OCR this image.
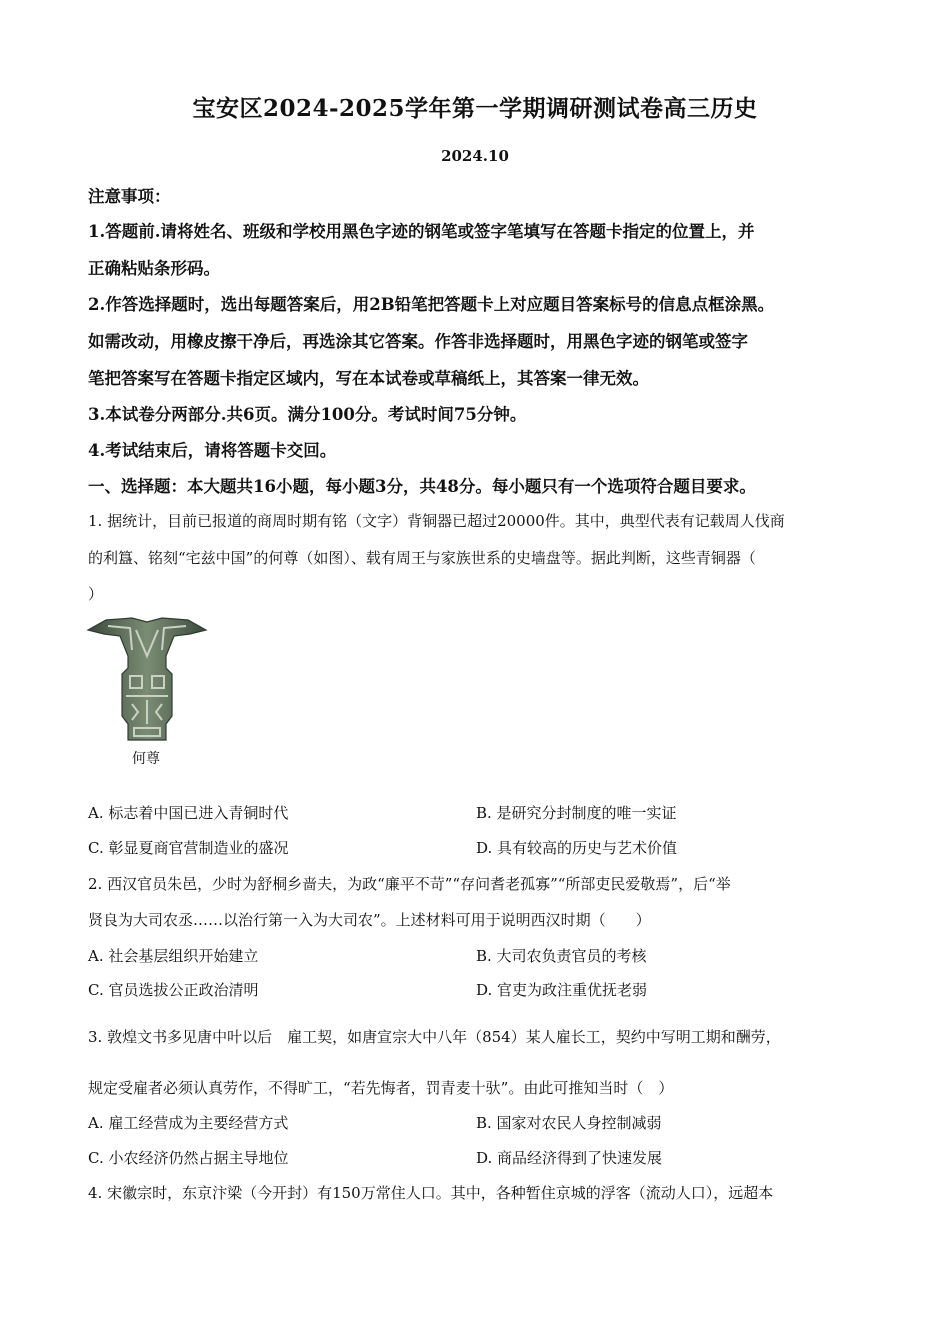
宝安区2024-2025学年第一学期调研测试卷高三历史
2024.10
注意事项：
1.答题前.请将姓名、班级和学校用黑色字迹的钢笔或签字笔填写在答题卡指定的位置上，并
正确粘贴条形码。
2.作答选择题时，选出每题答案后，用2B铅笔把答题卡上对应题目答案标号的信息点框涂黑。
如需改动，用橡皮擦干净后，再选涂其它答案。作答非选择题时，用黑色字迹的钢笔或签字
笔把答案写在答题卡指定区域内，写在本试卷或草稿纸上，其答案一律无效。
3.本试卷分两部分.共6页。满分100分。考试时间75分钟。
4.考试结束后，请将答题卡交回。
一、选择题：本大题共16小题，每小题3分，共48分。每小题只有一个选项符合题目要求。
1. 据统计，目前已报道的商周时期有铭（文字）背铜器已超过20000件。其中，典型代表有记载周人伐商
的利簋、铭刻“宅兹中国”的何尊（如图）、载有周王与家族世系的史墙盘等。据此判断，这些青铜器（
）
何尊
A. 标志着中国已进入青铜时代	B. 是研究分封制度的唯一实证
C. 彰显夏商官营制造业的盛况	D. 具有较高的历史与艺术价值
2. 西汉官员朱邑，少时为舒桐乡啬夫，为政“廉平不苛”“存问耆老孤寡”“所部吏民爱敬焉”，后“举
贤良为大司农丞……以治行第一入为大司农”。上述材料可用于说明西汉时期（　　）
A. 社会基层组织开始建立	B. 大司农负责官员的考核
C. 官员选拔公正政治清明	D. 官吏为政注重优抚老弱
3. 敦煌文书多见唐中叶以后　雇工契，如唐宣宗大中八年（854）某人雇长工，契约中写明工期和酬劳，
规定受雇者必须认真劳作，不得旷工，“若先悔者，罚青麦十驮”。由此可推知当时（　）
A. 雇工经营成为主要经营方式	B. 国家对农民人身控制减弱
C. 小农经济仍然占据主导地位	D. 商品经济得到了快速发展
4. 宋徽宗时，东京汴梁（今开封）有150万常住人口。其中，各种暂住京城的浮客（流动人口），远超本
